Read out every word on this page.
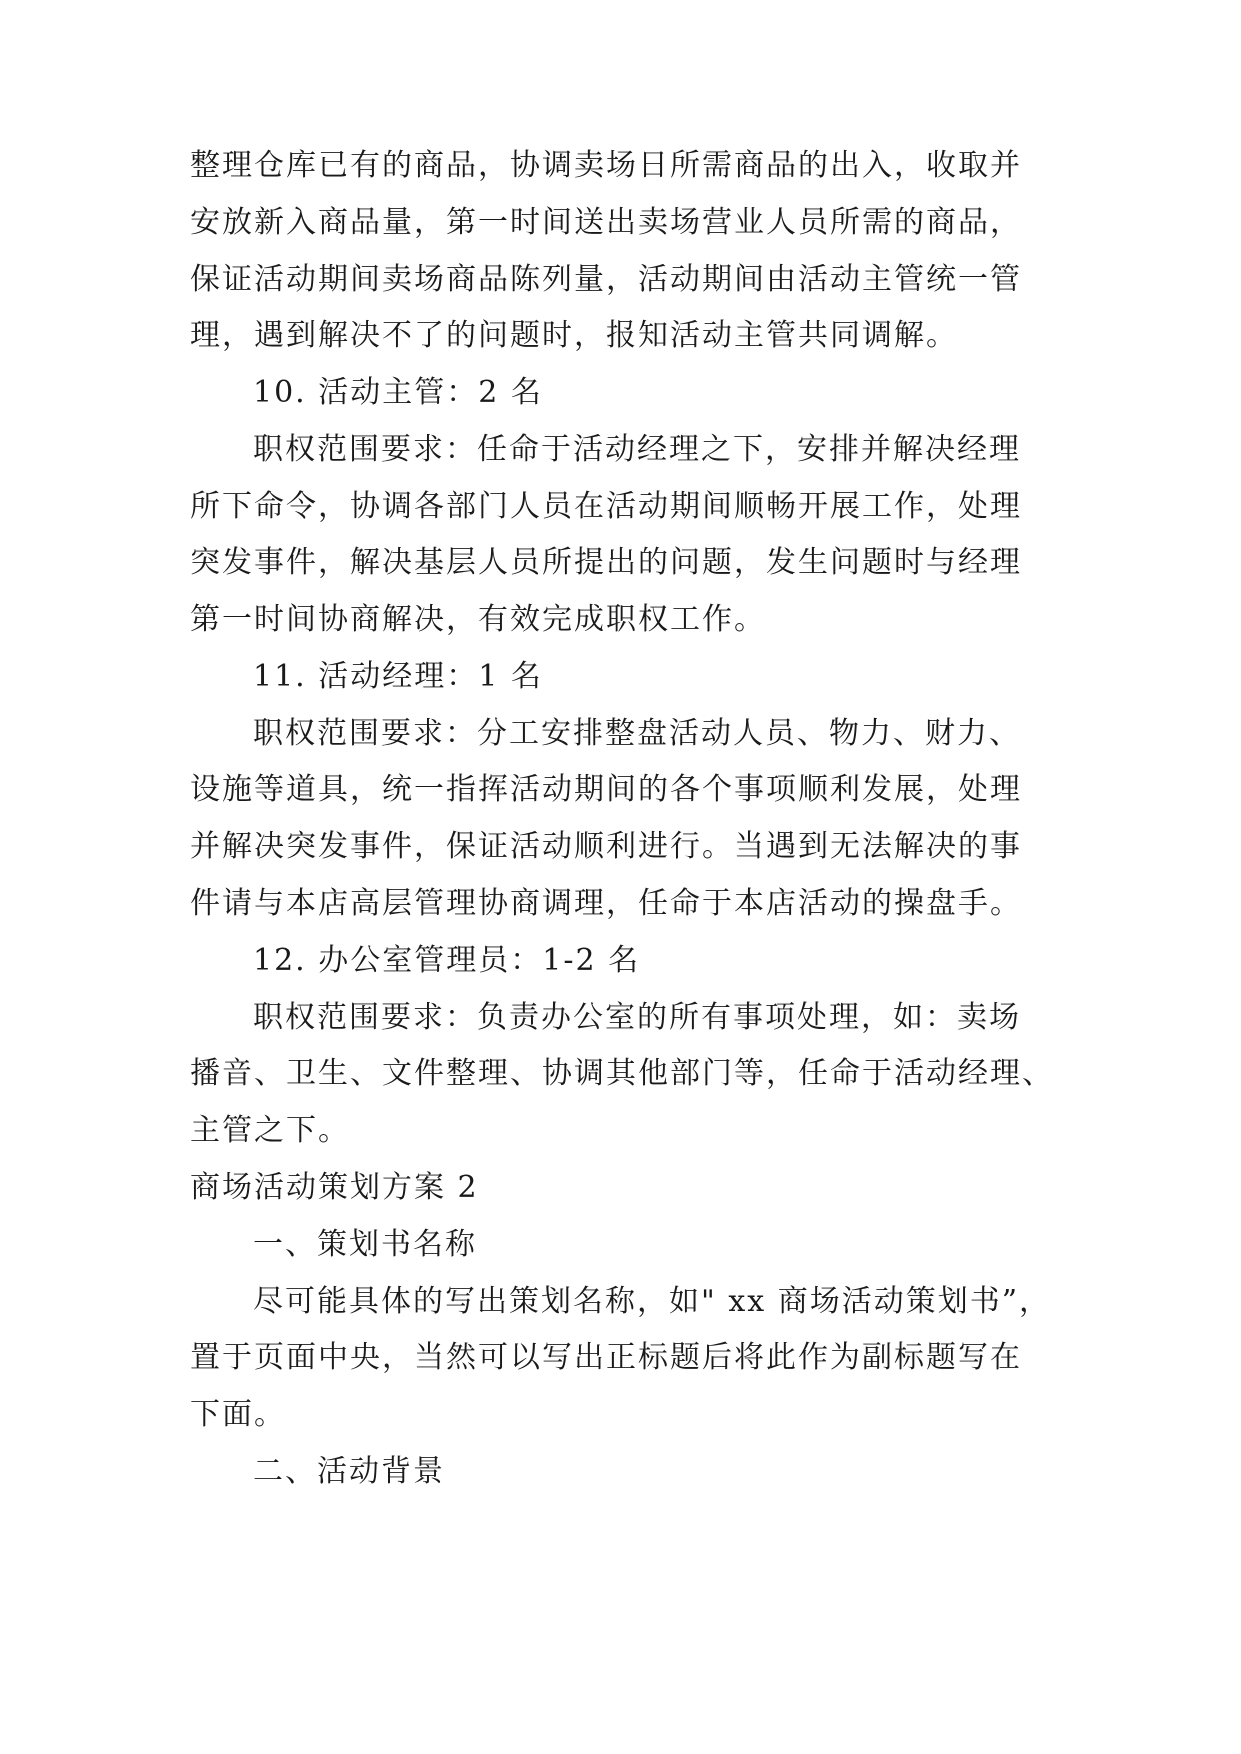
整理仓库已有的商品，协调卖场日所需商品的出入，收取并
安放新入商品量，第一时间送出卖场营业人员所需的商品，
保证活动期间卖场商品陈列量，活动期间由活动主管统一管
理，遇到解决不了的问题时，报知活动主管共同调解。
10. 活动主管：2 名
职权范围要求：任命于活动经理之下，安排并解决经理
所下命令，协调各部门人员在活动期间顺畅开展工作，处理
突发事件，解决基层人员所提出的问题，发生问题时与经理
第一时间协商解决，有效完成职权工作。
11. 活动经理：1 名
职权范围要求：分工安排整盘活动人员、物力、财力、
设施等道具，统一指挥活动期间的各个事项顺利发展，处理
并解决突发事件，保证活动顺利进行。当遇到无法解决的事
件请与本店高层管理协商调理，任命于本店活动的操盘手。
12. 办公室管理员：1-2 名
职权范围要求：负责办公室的所有事项处理，如：卖场
播音、卫生、文件整理、协调其他部门等，任命于活动经理、
主管之下。
商场活动策划方案 2
一、策划书名称
尽可能具体的写出策划名称，如" xx 商场活动策划书”，
置于页面中央，当然可以写出正标题后将此作为副标题写在
下面。
二、活动背景
